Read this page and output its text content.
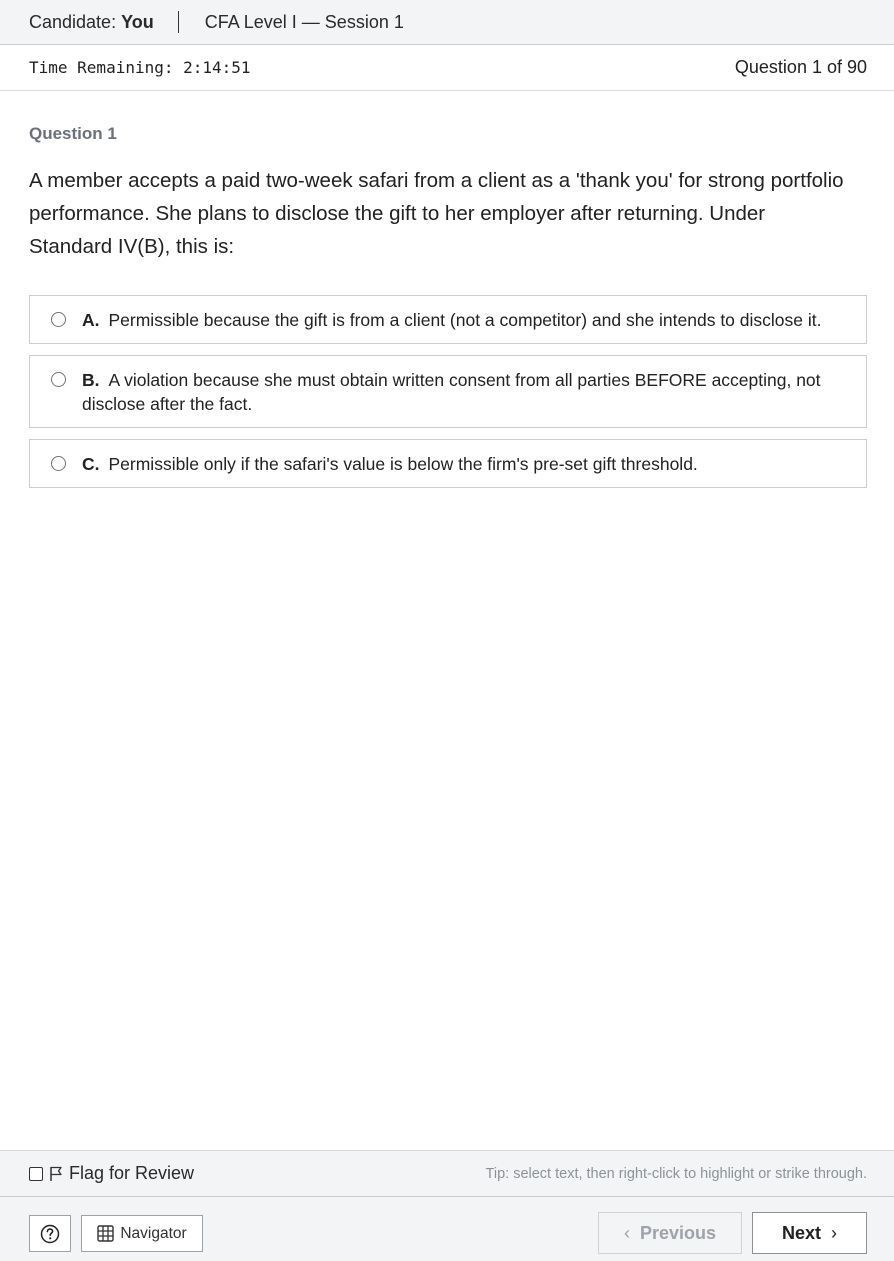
Candidate: You	CFA Level I — Session 1
Time Remaining: 2:14:51	Question 1 of 90
Question 1
A member accepts a paid two-week safari from a client as a 'thank you' for strong portfolio performance. She plans to disclose the gift to her employer after returning. Under Standard IV(B), this is:
A. Permissible because the gift is from a client (not a competitor) and she intends to disclose it.
B. A violation because she must obtain written consent from all parties BEFORE accepting, not disclose after the fact.
C. Permissible only if the safari's value is below the firm's pre-set gift threshold.
Flag for Review	Tip: select text, then right-click to highlight or strike through.
Navigator	‹ Previous	Next ›
